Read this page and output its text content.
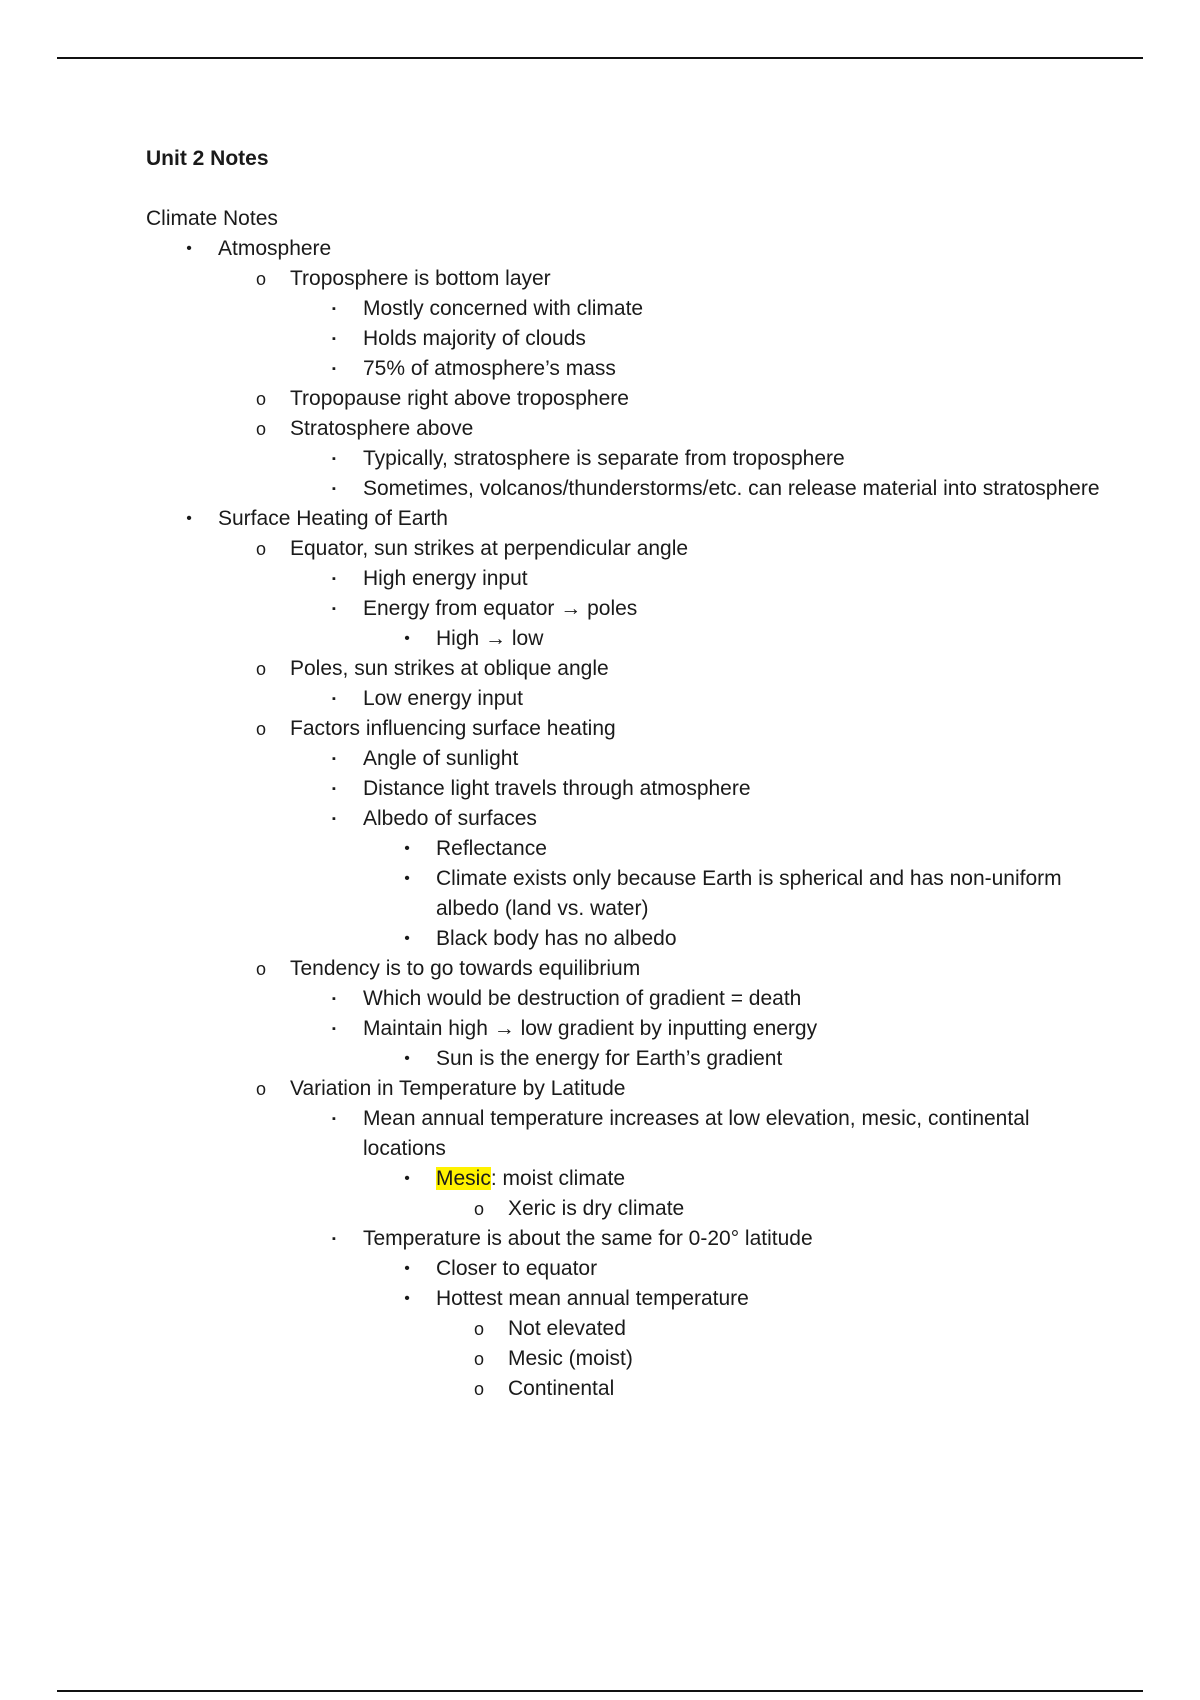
Unit 2 Notes
Climate Notes
•	Atmosphere
o	Troposphere is bottom layer
▪	Mostly concerned with climate
▪	Holds majority of clouds
▪	75% of atmosphere’s mass
o	Tropopause right above troposphere
o	Stratosphere above
▪	Typically, stratosphere is separate from troposphere
▪	Sometimes, volcanos/thunderstorms/etc. can release material into stratosphere
•	Surface Heating of Earth
o	Equator, sun strikes at perpendicular angle
▪	High energy input
▪	Energy from equator → poles
•	High → low
o	Poles, sun strikes at oblique angle
▪	Low energy input
o	Factors influencing surface heating
▪	Angle of sunlight
▪	Distance light travels through atmosphere
▪	Albedo of surfaces
•	Reflectance
•	Climate exists only because Earth is spherical and has non-uniform albedo (land vs. water)
•	Black body has no albedo
o	Tendency is to go towards equilibrium
▪	Which would be destruction of gradient = death
▪	Maintain high → low gradient by inputting energy
•	Sun is the energy for Earth’s gradient
o	Variation in Temperature by Latitude
▪	Mean annual temperature increases at low elevation, mesic, continental locations
•	Mesic: moist climate
o	Xeric is dry climate
▪	Temperature is about the same for 0-20° latitude
•	Closer to equator
•	Hottest mean annual temperature
o	Not elevated
o	Mesic (moist)
o	Continental
